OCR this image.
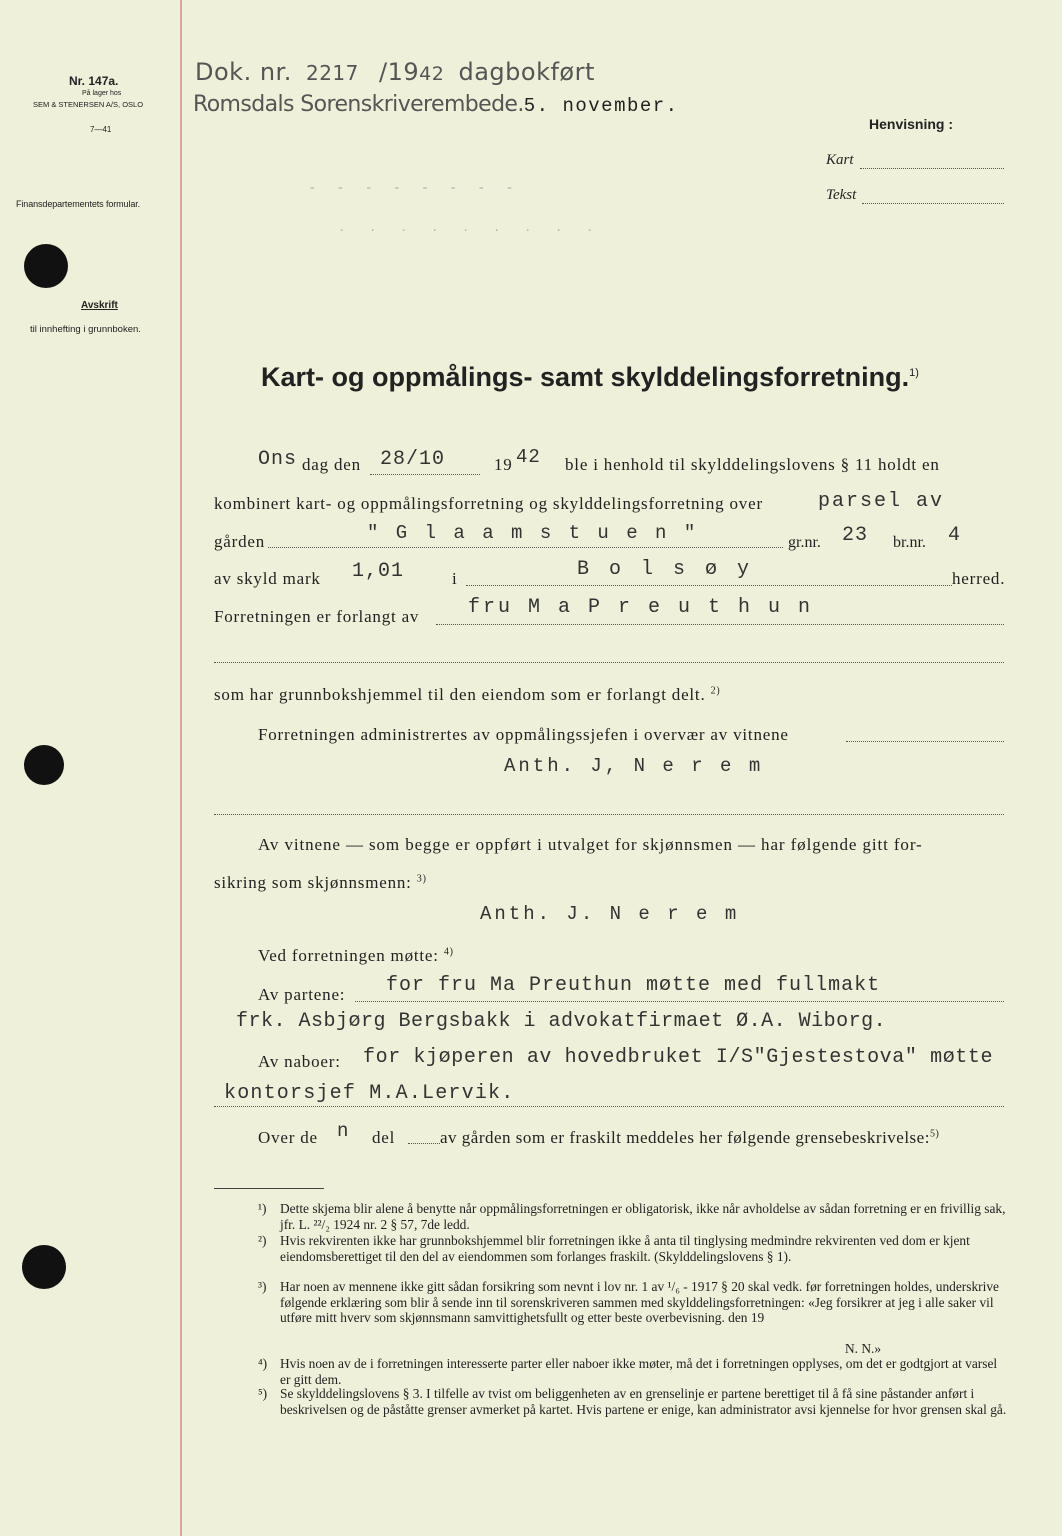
Nr. 147a.
På lager hos
SEM & STENERSEN A/S, OSLO
7—41
Finansdepartementets formular.
Avskrift
til innhefting i grunnboken.
Dok. nr. 2217 /1942 dagbokført
Romsdals Sorenskriverembede.5. november.
- - - - - - - -
. . . . . . . . .
Henvisning :
Kart
Tekst
Kart- og oppmålings- samt skylddelingsforretning.$^{1)}$
Ons dag den 28/10	19 42 ble i henhold til skylddelingslovens § 11 holdt en
kombinert kart- og oppmålingsforretning og skylddelingsforretning over	parsel av
gården	" G l a a m s t u e n "	gr.nr. 23 br.nr. 4
av skyld mark 1,01	i	B o l s ø y	herred.
Forretningen er forlangt av fru M a P r e u t h u n
som har grunnbokshjemmel til den eiendom som er forlangt delt. $^{2)}$
Forretningen administrertes av oppmålingssjefen i overvær av vitnene
Anth. J, N e r e m
Av vitnene — som begge er oppført i utvalget for skjønnsmen — har følgende gitt for-
sikring som skjønnsmenn: $^{3)}$
Anth. J. N e r e m
Ved forretningen møtte: $^{4)}$
Av partene: for fru Ma Preuthun møtte med fullmakt
frk. Asbjørg Bergsbakk i advokatfirmaet Ø.A. Wiborg.
Av naboer: for kjøperen av hovedbruket I/S"Gjestestova" møtte
kontorsjef M.A.Lervik.
Over de n del	av gården som er fraskilt meddeles her følgende grensebeskrivelse:$^{5)}$
¹) Dette skjema blir alene å benytte når oppmålingsforretningen er obligatorisk, ikke når avholdelse av sådan forretning er en frivillig sak, jfr. L. ²²/₂ 1924 nr. 2 § 57, 7de ledd.
²) Hvis rekvirenten ikke har grunnbokshjemmel blir forretningen ikke å anta til tinglysing medmindre rekvirenten ved dom er kjent eiendomsberettiget til den del av eiendommen som forlanges fraskilt. (Skylddelingslovens § 1).
³) Har noen av mennene ikke gitt sådan forsikring som nevnt i lov nr. 1 av ¹/₆ - 1917 § 20 skal vedk. før forretningen holdes, underskrive følgende erklæring som blir å sende inn til sorenskriveren sammen med skylddelingsforretningen: «Jeg forsikrer at jeg i alle saker vil utføre mitt hverv som skjønnsmann samvittighetsfullt og etter beste overbevisning. den 19
N. N.»
⁴) Hvis noen av de i forretningen interesserte parter eller naboer ikke møter, må det i forretningen opplyses, om det er godtgjort at varsel er gitt dem.
⁵) Se skylddelingslovens § 3. I tilfelle av tvist om beliggenheten av en grenselinje er partene berettiget til å få sine påstander anført i beskrivelsen og de påståtte grenser avmerket på kartet. Hvis partene er enige, kan administrator avsi kjennelse for hvor grensen skal gå.
